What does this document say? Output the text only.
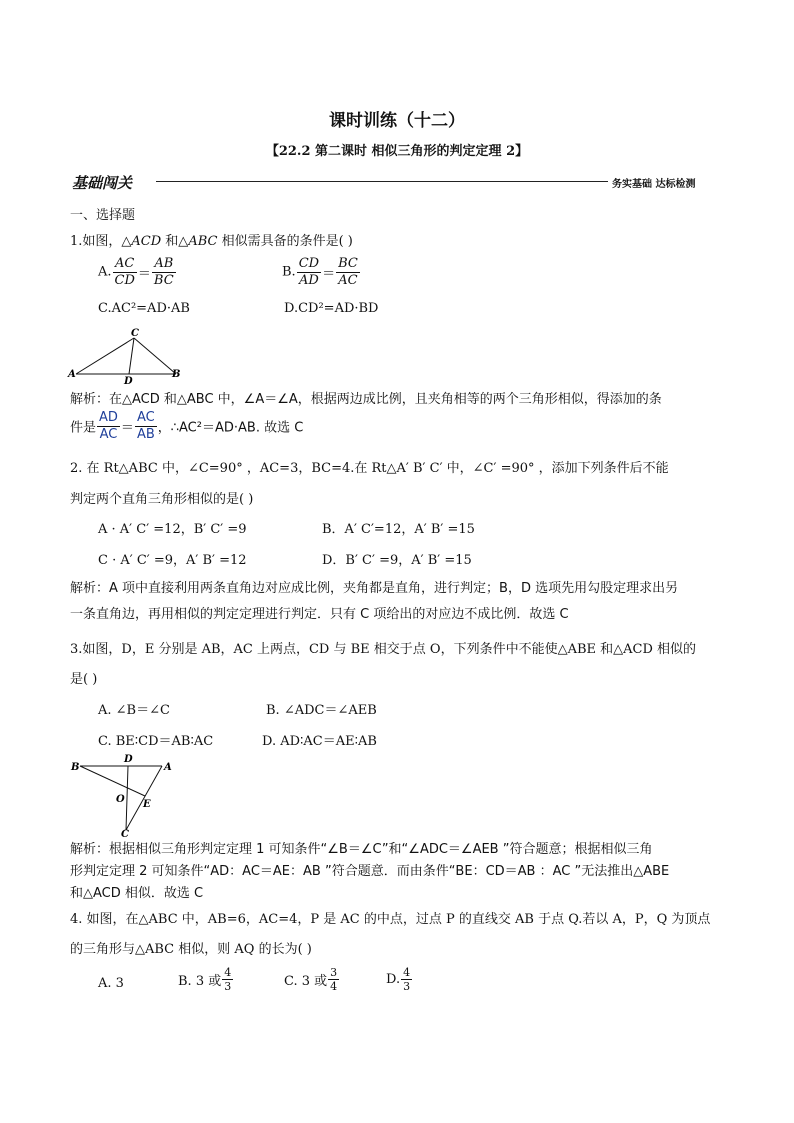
课时训练（十二）
【22.2 第二课时 相似三角形的判定定理 2】
基础闯关	务实基础 达标检测
一、选择题
1.如图，△ACD 和△ABC 相似需具备的条件是( )
A. $\frac{AC}{CD} = \frac{AB}{BC}$	B. $\frac{CD}{AD} = \frac{BC}{AC}$
C.AC²=AD·AB	D.CD²=AD·BD
C
A
D
B
解析：在△ACD 和△ABC 中，∠A＝∠A，根据两边成比例，且夹角相等的两个三角形相似，得添加的条
件是 $\frac{AD}{AC} = \frac{AC}{AB}$ ，∴AC²＝AD·AB. 故选 C
2. 在 Rt△ABC 中，∠C=90° ，AC=3，BC=4.在 Rt△A′ B′ C′ 中，∠C′ =90° ，添加下列条件后不能
判定两个直角三角形相似的是( )
A · A′ C′ =12，B′ C′ =9	B．A′ C′=12，A′ B′ =15
C · A′ C′ =9，A′ B′ =12	D．B′ C′ =9，A′ B′ =15
解析：A 项中直接利用两条直角边对应成比例，夹角都是直角，进行判定；B，D 选项先用勾股定理求出另
一条直角边，再用相似的判定定理进行判定．只有 C 项给出的对应边不成比例．故选 C
3.如图，D，E 分别是 AB，AC 上两点，CD 与 BE 相交于点 O，下列条件中不能使△ABE 和△ACD 相似的
是( )
A. ∠B＝∠C	B. ∠ADC＝∠AEB
C. BE∶CD＝AB∶AC	D. AD∶AC＝AE∶AB
B
D
A
O E
C
解析：根据相似三角形判定定理 1 可知条件“∠B＝∠C”和“∠ADC＝∠AEB ”符合题意；根据相似三角
形判定定理 2 可知条件“AD：AC＝AE：AB ”符合题意．而由条件“BE：CD＝AB ：AC ”无法推出△ABE
和△ACD 相似．故选 C
4. 如图，在△ABC 中，AB=6，AC=4，P 是 AC 的中点，过点 P 的直线交 AB 于点 Q.若以 A，P，Q 为顶点
的三角形与△ABC 相似，则 AQ 的长为( )
A. 3	B. 3 或 $\frac{4}{3}$	C. 3 或 $\frac{3}{4}$	D. $\frac{4}{3}$
